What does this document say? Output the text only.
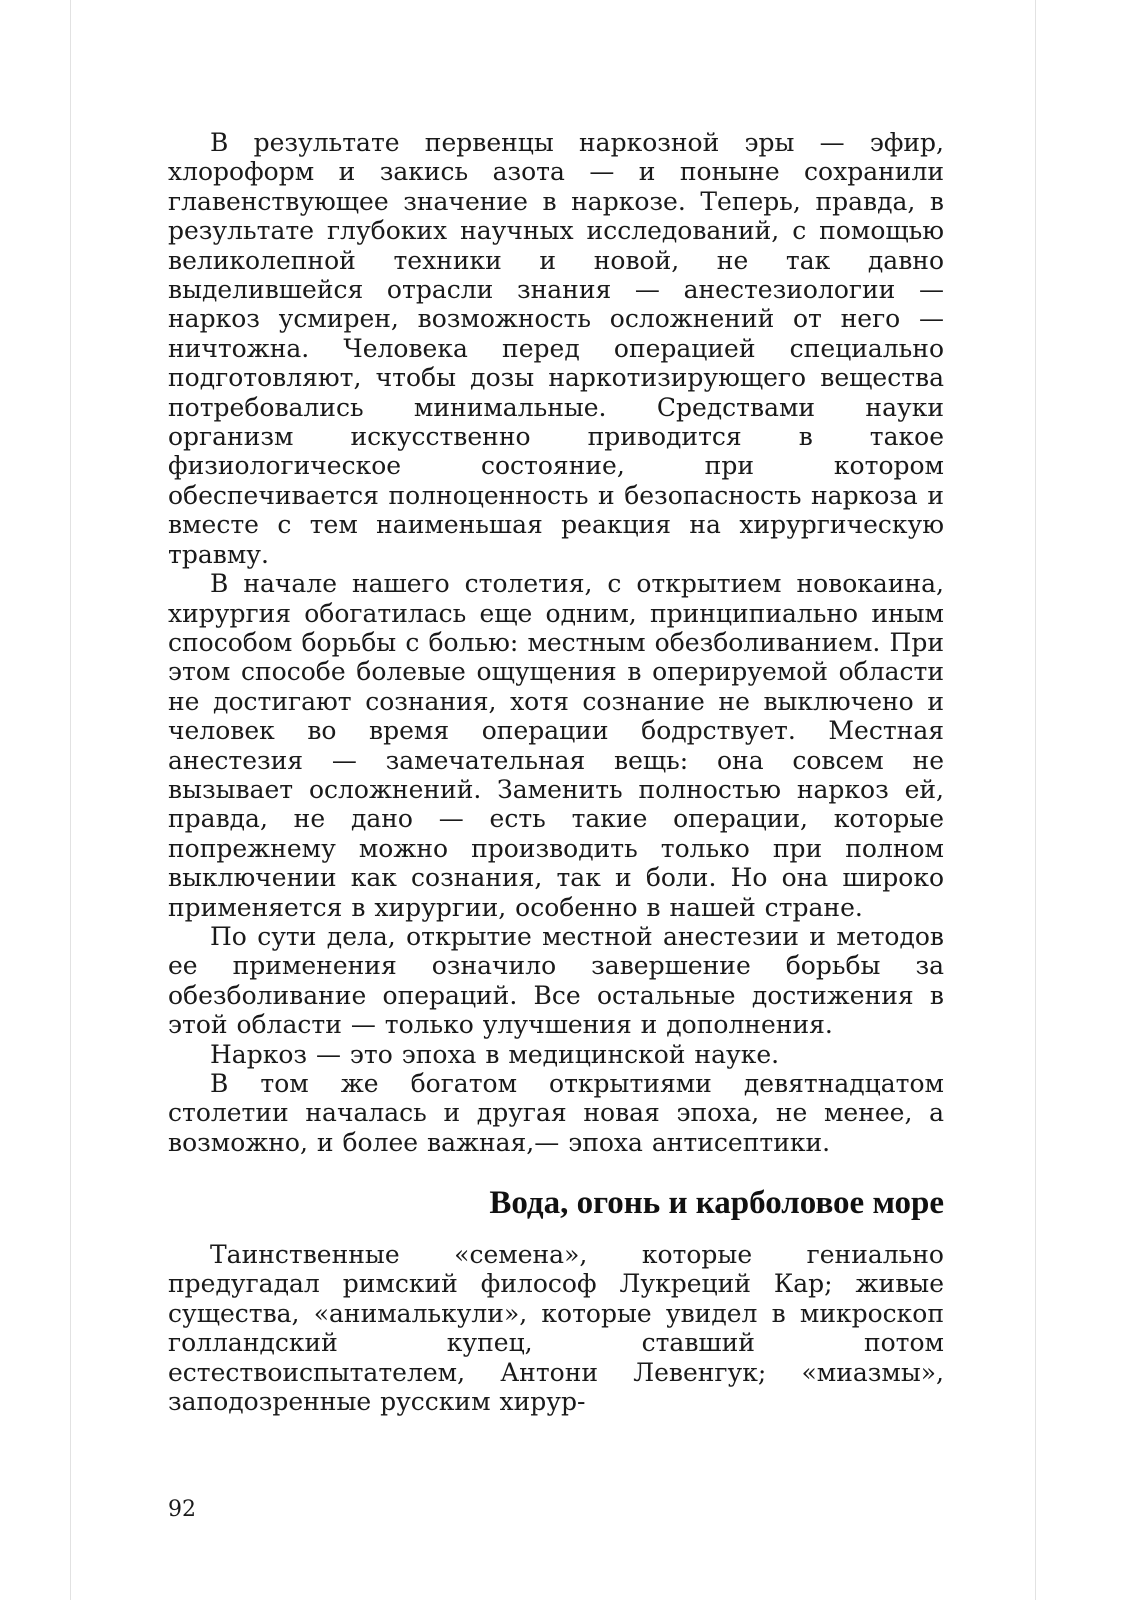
В результате первенцы наркозной эры — эфир, хлороформ и закись азота — и поныне сохранили главенствующее значение в наркозе. Теперь, правда, в результате глубоких научных исследований, с помощью великолепной техники и новой, не так давно выделившейся отрасли знания — анестезиологии — наркоз усмирен, возможность осложнений от него — ничтожна. Человека перед операцией специально подготовляют, чтобы дозы наркотизирующего вещества потребовались минимальные. Средствами науки организм искусственно приводится в такое физиологическое состояние, при котором обеспечивается полноценность и безопасность наркоза и вместе с тем наименьшая реакция на хирургическую травму.

В начале нашего столетия, с открытием новокаина, хирургия обогатилась еще одним, принципиально иным способом борьбы с болью: местным обезболиванием. При этом способе болевые ощущения в оперируемой области не достигают сознания, хотя сознание не выключено и человек во время операции бодрствует. Местная анестезия — замечательная вещь: она совсем не вызывает осложнений. Заменить полностью наркоз ей, правда, не дано — есть такие операции, которые попрежнему можно производить только при полном выключении как сознания, так и боли. Но она широко применяется в хирургии, особенно в нашей стране.

По сути дела, открытие местной анестезии и методов ее применения означило завершение борьбы за обезболивание операций. Все остальные достижения в этой области — только улучшения и дополнения.

Наркоз — это эпоха в медицинской науке.

В том же богатом открытиями девятнадцатом столетии началась и другая новая эпоха, не менее, а возможно, и более важная,— эпоха антисептики.

Вода, огонь и карболовое море

Таинственные «семена», которые гениально предугадал римский философ Лукреций Кар; живые существа, «анималькули», которые увидел в микроскоп голландский купец, ставший потом естествоиспытателем, Антони Левенгук; «миазмы», заподозренные русским хирур-

92
